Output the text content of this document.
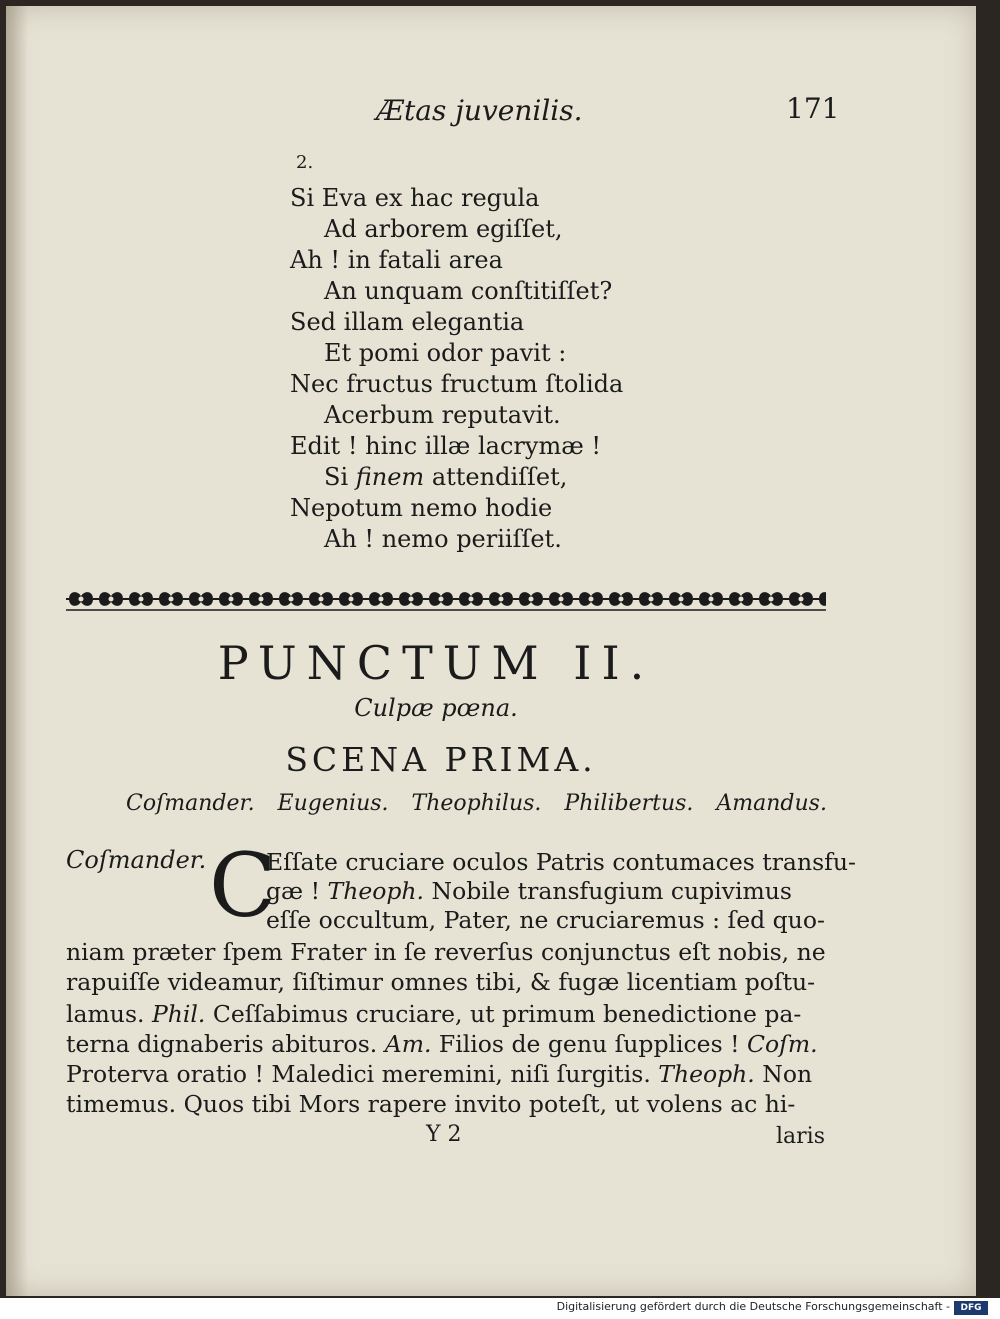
Ætas juvenilis.	171
2.
Si Eva ex hac regula
Ad arborem egiſſet,
Ah ! in fatali area
An unquam conſtitiſſet?
Sed illam elegantia
Et pomi odor pavit :
Nec fructus fructum ſtolida
Acerbum reputavit.
Edit ! hinc illæ lacrymæ !
Si finem attendiſſet,
Nepotum nemo hodie
Ah ! nemo periiſſet.
PUNCTUM II.
Culpæ pœna.
SCENA PRIMA.
Coſmander. Eugenius. Theophilus. Philibertus. Amandus.
Coſmander. C
Eſſate cruciare oculos Patris contumaces transfu-
gæ ! Theoph. Nobile transfugium cupivimus
eſſe occultum, Pater, ne cruciaremus : ſed quo-
niam præter ſpem Frater in ſe reverſus conjunctus eſt nobis, ne
rapuiſſe videamur, ſiſtimur omnes tibi, & fugæ licentiam poſtu-
lamus. Phil. Ceſſabimus cruciare, ut primum benedictione pa-
terna dignaberis abituros. Am. Filios de genu ſupplices ! Coſm.
Proterva oratio ! Maledici meremini, niſi ſurgitis. Theoph. Non
timemus. Quos tibi Mors rapere invito poteſt, ut volens ac hi-
Y 2	laris
Digitalisierung gefördert durch die Deutsche Forschungsgemeinschaft -	DFG
